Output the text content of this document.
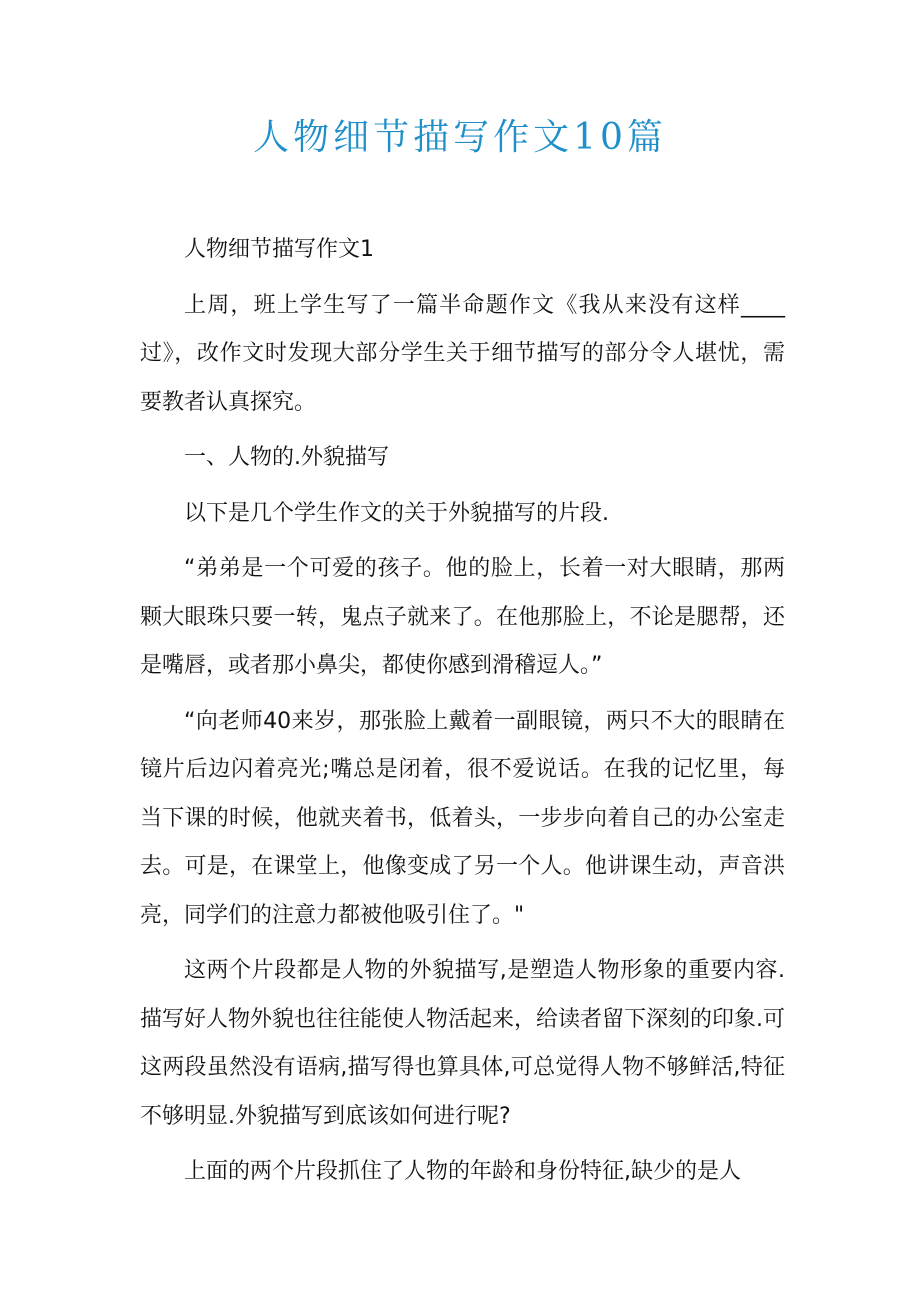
人物细节描写作文10篇

人物细节描写作文1

上周，班上学生写了一篇半命题作文《我从来没有这样____过》，改作文时发现大部分学生关于细节描写的部分令人堪忧，需要教者认真探究。

一、人物的.外貌描写

以下是几个学生作文的关于外貌描写的片段.

“弟弟是一个可爱的孩子。他的脸上，长着一对大眼睛，那两颗大眼珠只要一转，鬼点子就来了。在他那脸上，不论是腮帮，还是嘴唇，或者那小鼻尖，都使你感到滑稽逗人。”

“向老师40来岁，那张脸上戴着一副眼镜，两只不大的眼睛在镜片后边闪着亮光;嘴总是闭着，很不爱说话。在我的记忆里，每当下课的时候，他就夹着书，低着头，一步步向着自己的办公室走去。可是，在课堂上，他像变成了另一个人。他讲课生动，声音洪亮，同学们的注意力都被他吸引住了。"

这两个片段都是人物的外貌描写,是塑造人物形象的重要内容.描写好人物外貌也往往能使人物活起来，给读者留下深刻的印象.可这两段虽然没有语病,描写得也算具体,可总觉得人物不够鲜活,特征不够明显.外貌描写到底该如何进行呢?

上面的两个片段抓住了人物的年龄和身份特征,缺少的是人
